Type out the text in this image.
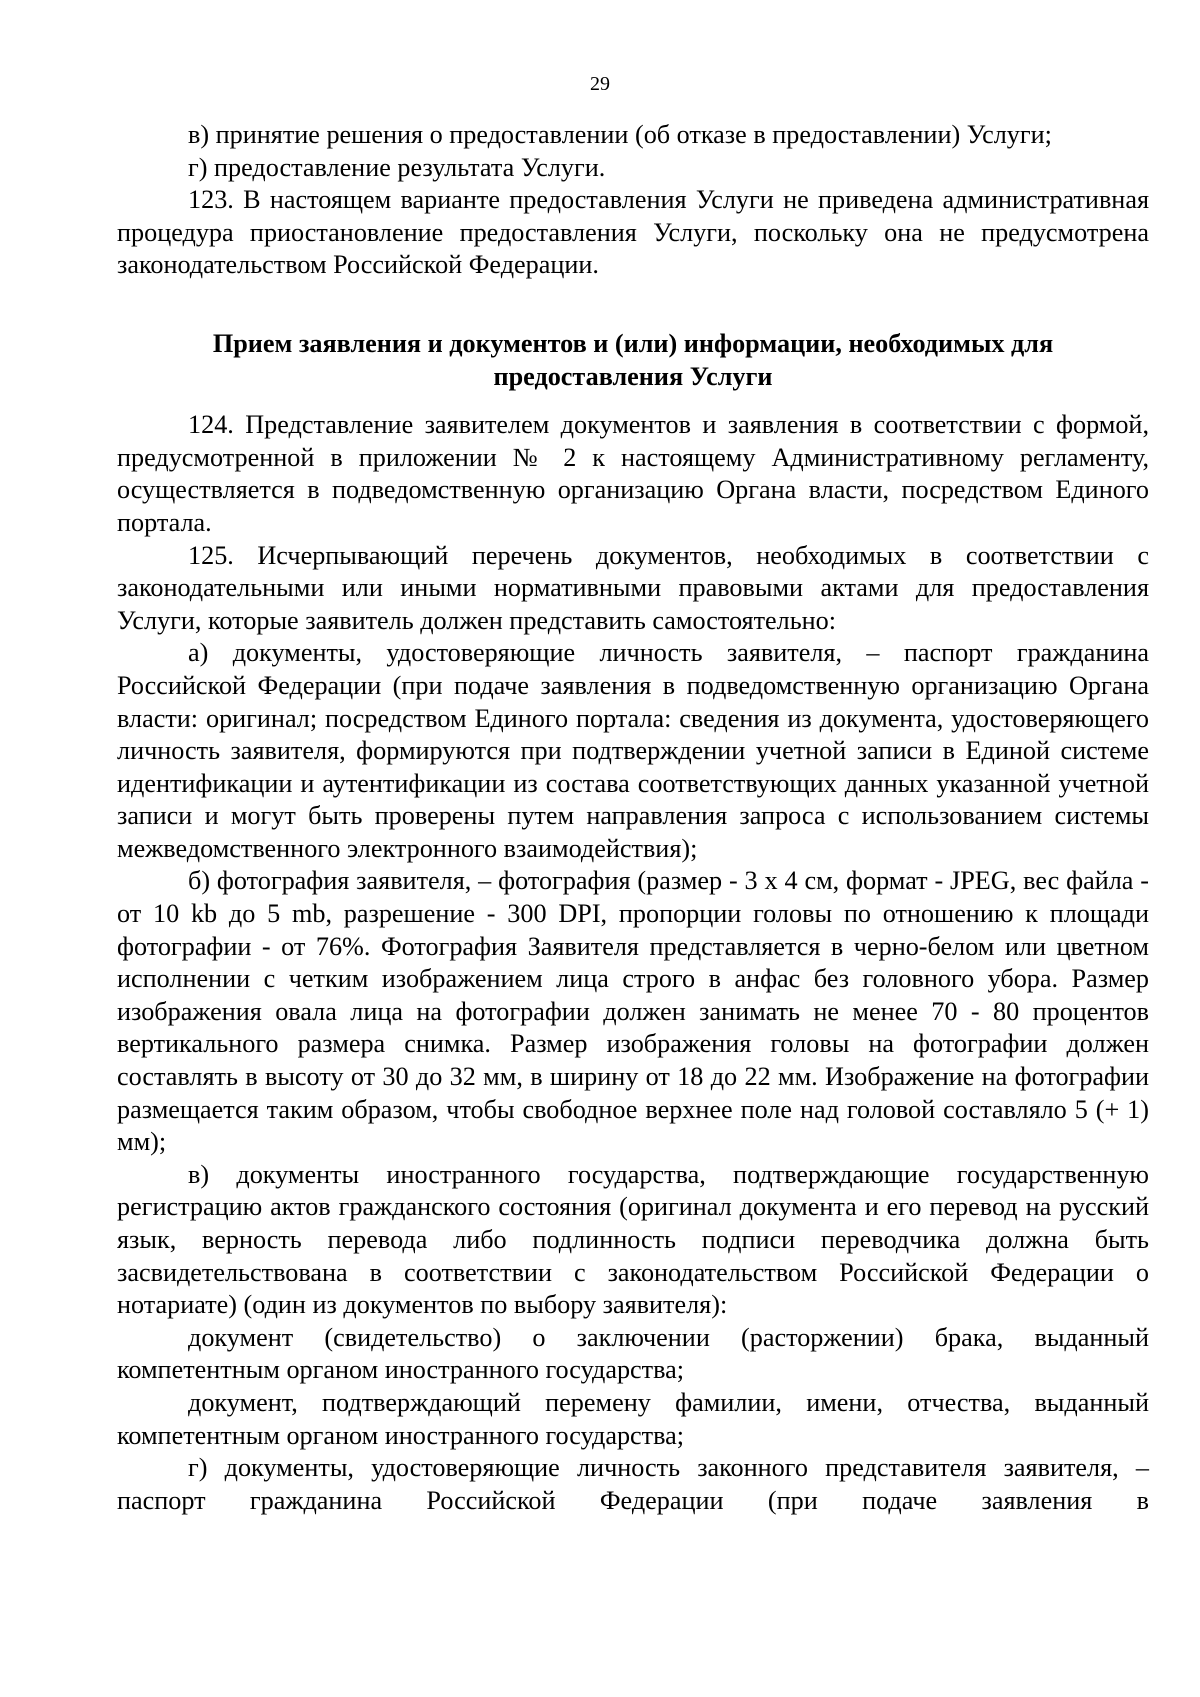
29

в) принятие решения о предоставлении (об отказе в предоставлении) Услуги;

г) предоставление результата Услуги.

123. В настоящем варианте предоставления Услуги не приведена административная процедура приостановление предоставления Услуги, поскольку она не предусмотрена законодательством Российской Федерации.

Прием заявления и документов и (или) информации, необходимых для
предоставления Услуги

124. Представление заявителем документов и заявления в соответствии с формой, предусмотренной в приложении № 2 к настоящему Административному регламенту, осуществляется в подведомственную организацию Органа власти, посредством Единого портала.

125. Исчерпывающий перечень документов, необходимых в соответствии с законодательными или иными нормативными правовыми актами для предоставления Услуги, которые заявитель должен представить самостоятельно:

а) документы, удостоверяющие личность заявителя, – паспорт гражданина Российской Федерации (при подаче заявления в подведомственную организацию Органа власти: оригинал; посредством Единого портала: сведения из документа, удостоверяющего личность заявителя, формируются при подтверждении учетной записи в Единой системе идентификации и аутентификации из состава соответствующих данных указанной учетной записи и могут быть проверены путем направления запроса с использованием системы межведомственного электронного взаимодействия);

б) фотография заявителя, – фотография (размер - 3 х 4 см, формат - JPEG, вес файла - от 10 kb до 5 mb, разрешение - 300 DPI, пропорции головы по отношению к площади фотографии - от 76%. Фотография Заявителя представляется в черно-белом или цветном исполнении с четким изображением лица строго в анфас без головного убора. Размер изображения овала лица на фотографии должен занимать не менее 70 - 80 процентов вертикального размера снимка. Размер изображения головы на фотографии должен составлять в высоту от 30 до 32 мм, в ширину от 18 до 22 мм. Изображение на фотографии размещается таким образом, чтобы свободное верхнее поле над головой составляло 5 (+ 1) мм);

в) документы иностранного государства, подтверждающие государственную регистрацию актов гражданского состояния (оригинал документа и его перевод на русский язык, верность перевода либо подлинность подписи переводчика должна быть засвидетельствована в соответствии с законодательством Российской Федерации о нотариате) (один из документов по выбору заявителя):

документ (свидетельство) о заключении (расторжении) брака, выданный компетентным органом иностранного государства;

документ, подтверждающий перемену фамилии, имени, отчества, выданный компетентным органом иностранного государства;

г) документы, удостоверяющие личность законного представителя заявителя, – паспорт гражданина Российской Федерации (при подаче заявления в
